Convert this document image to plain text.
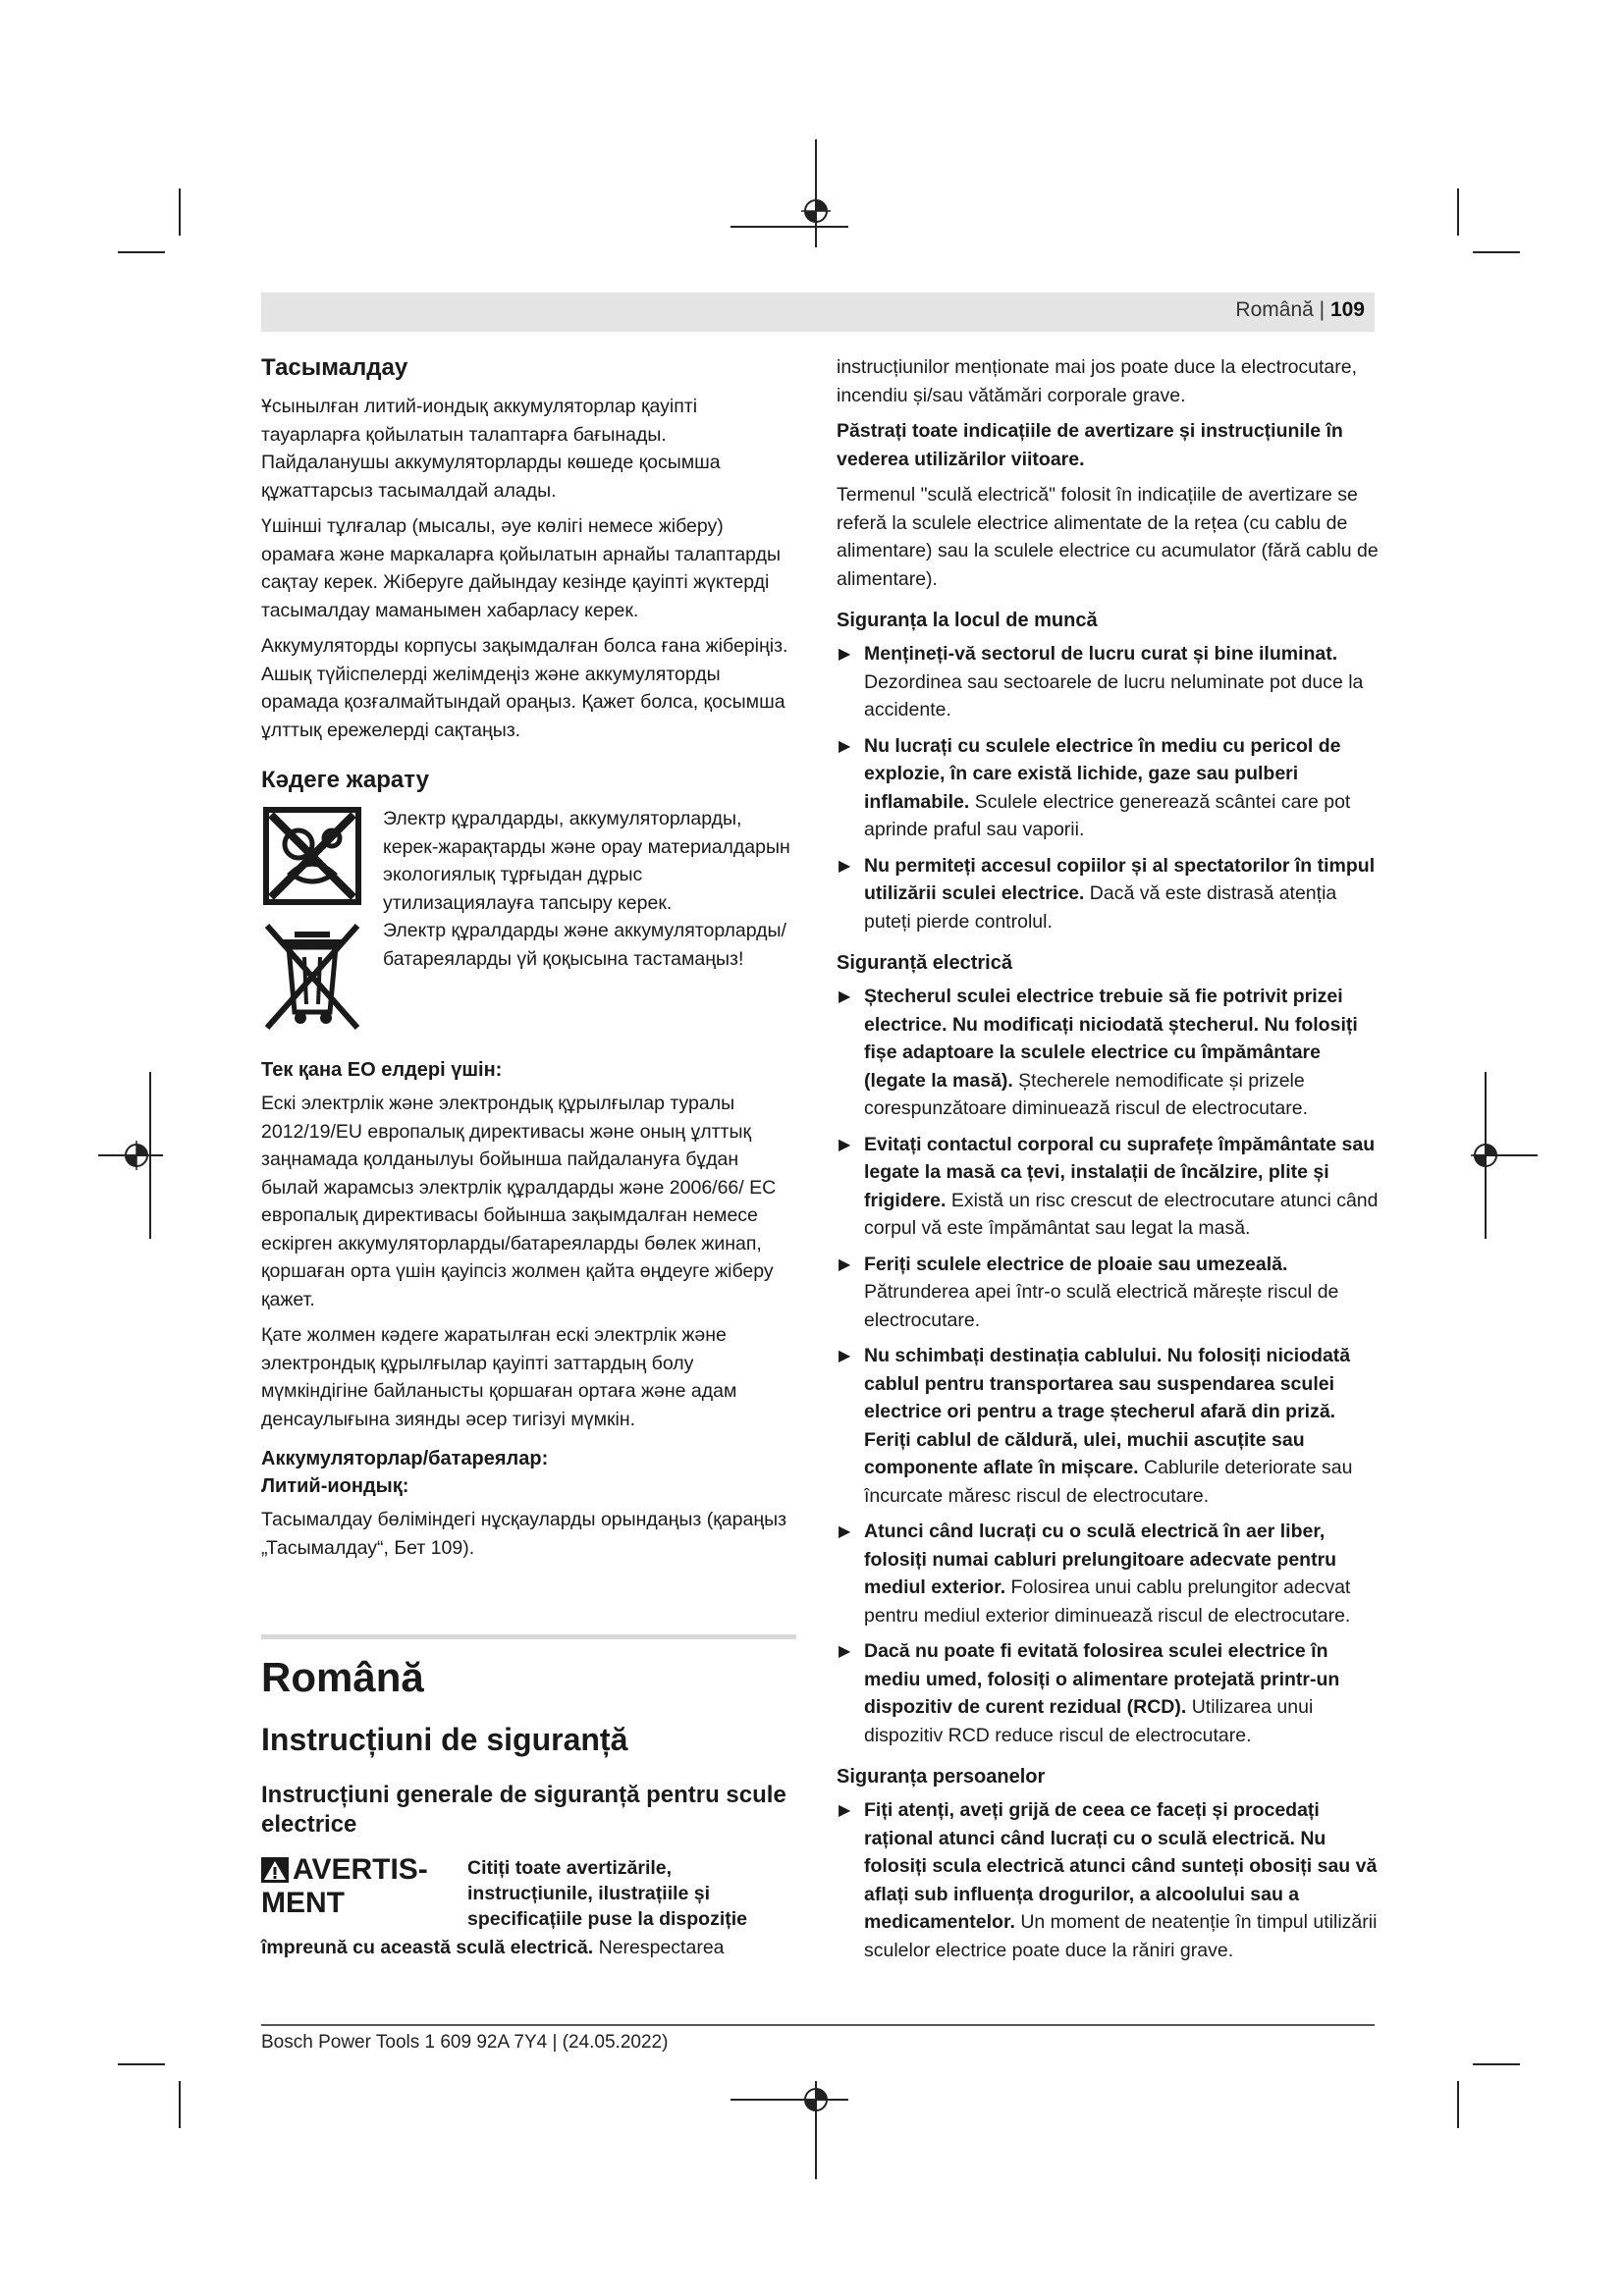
Română | 109
Тасымалдау

Ұсынылған литий-иондық аккумуляторлар қауіпті тауарларға қойылатын талаптарға бағынады. Пайдаланушы аккумуляторларды көшеде қосымша құжаттарсыз тасымалдай алады.

Үшінші тұлғалар (мысалы, әуе көлігі немесе жіберу) орамаға және маркаларға қойылатын арнайы талаптарды сақтау керек. Жіберуге дайындау кезінде қауіпті жүктерді тасымалдау маманымен хабарласу керек.

Аккумуляторды корпусы зақымдалған болса ғана жіберіңіз. Ашық түйіспелерді желімдеңіз және аккумуляторды орамада қозғалмайтындай ораңыз. Қажет болса, қосымша ұлттық ережелерді сақтаңыз.

Кәдеге жарату

Электр құралдарды, аккумуляторларды, керек-жарақтарды және орау материалдарын экологиялық тұрғыдан дұрыс утилизациялауға тапсыру керек.

Электр құралдарды және аккумуляторларды/батареяларды үй қоқысына тастамаңыз!

Тек қана ЕО елдері үшін:

Ескі электрлік және электрондық құрылғылар туралы 2012/19/EU европалық директивасы және оның ұлттық заңнамада қолданылуы бойынша пайдалануға бұдан былай жарамсыз электрлік құралдарды және 2006/66/ EC европалық директивасы бойынша зақымдалған немесе ескірген аккумуляторларды/батареяларды бөлек жинап, қоршаған орта үшін қауіпсіз жолмен қайта өңдеуге жіберу қажет.

Қате жолмен кәдеге жаратылған ескі электрлік және электрондық құрылғылар қауіпті заттардың болу мүмкіндігіне байланысты қоршаған ортаға және адам денсаулығына зиянды әсер тигізуі мүмкін.

Аккумуляторлар/батареялар:
Литий-иондық:

Тасымалдау бөліміндегі нұсқауларды орындаңыз (қараңыз „Тасымалдау“, Бет 109).

Română
Instrucțiuni de siguranță
Instrucțiuni generale de siguranță pentru scule electrice
AVERTIS-
MENT
Citiți toate avertizările, instrucțiunile, ilustrațiile și specificațiile puse la dispoziție

împreună cu această sculă electrică. Nerespectarea

instrucțiunilor menționate mai jos poate duce la electrocutare, incendiu și/sau vătămări corporale grave.

Păstrați toate indicațiile de avertizare și instrucțiunile în vederea utilizărilor viitoare.

Termenul "sculă electrică" folosit în indicațiile de avertizare se referă la sculele electrice alimentate de la rețea (cu cablu de alimentare) sau la sculele electrice cu acumulator (fără cablu de alimentare).

Siguranța la locul de muncă
▶ Mențineți-vă sectorul de lucru curat și bine iluminat. Dezordinea sau sectoarele de lucru neluminate pot duce la accidente.
▶ Nu lucrați cu sculele electrice în mediu cu pericol de explozie, în care există lichide, gaze sau pulberi inflamabile. Sculele electrice generează scântei care pot aprinde praful sau vaporii.
▶ Nu permiteți accesul copiilor și al spectatorilor în timpul utilizării sculei electrice. Dacă vă este distrasă atenția puteți pierde controlul.
Siguranță electrică
▶ Ștecherul sculei electrice trebuie să fie potrivit prizei electrice. Nu modificați niciodată ștecherul. Nu folosiți fișe adaptoare la sculele electrice cu împământare (legate la masă). Ștecherele nemodificate și prizele corespunzătoare diminuează riscul de electrocutare.
▶ Evitați contactul corporal cu suprafețe împământate sau legate la masă ca țevi, instalații de încălzire, plite și frigidere. Există un risc crescut de electrocutare atunci când corpul vă este împământat sau legat la masă.
▶ Feriți sculele electrice de ploaie sau umezeală. Pătrunderea apei într-o sculă electrică mărește riscul de electrocutare.
▶ Nu schimbați destinația cablului. Nu folosiți niciodată cablul pentru transportarea sau suspendarea sculei electrice ori pentru a trage ștecherul afară din priză. Feriți cablul de căldură, ulei, muchii ascuțite sau componente aflate în mișcare. Cablurile deteriorate sau încurcate măresc riscul de electrocutare.
▶ Atunci când lucrați cu o sculă electrică în aer liber, folosiți numai cabluri prelungitoare adecvate pentru mediul exterior. Folosirea unui cablu prelungitor adecvat pentru mediul exterior diminuează riscul de electrocutare.
▶ Dacă nu poate fi evitată folosirea sculei electrice în mediu umed, folosiți o alimentare protejată printr-un dispozitiv de curent rezidual (RCD). Utilizarea unui dispozitiv RCD reduce riscul de electrocutare.
Siguranța persoanelor
▶ Fiți atenți, aveți grijă de ceea ce faceți și procedați rațional atunci când lucrați cu o sculă electrică. Nu folosiți scula electrică atunci când sunteți obosiți sau vă aflați sub influența drogurilor, a alcoolului sau a medicamentelor. Un moment de neatenție în timpul utilizării sculelor electrice poate duce la răniri grave.
Bosch Power Tools 1 609 92A 7Y4 | (24.05.2022)
